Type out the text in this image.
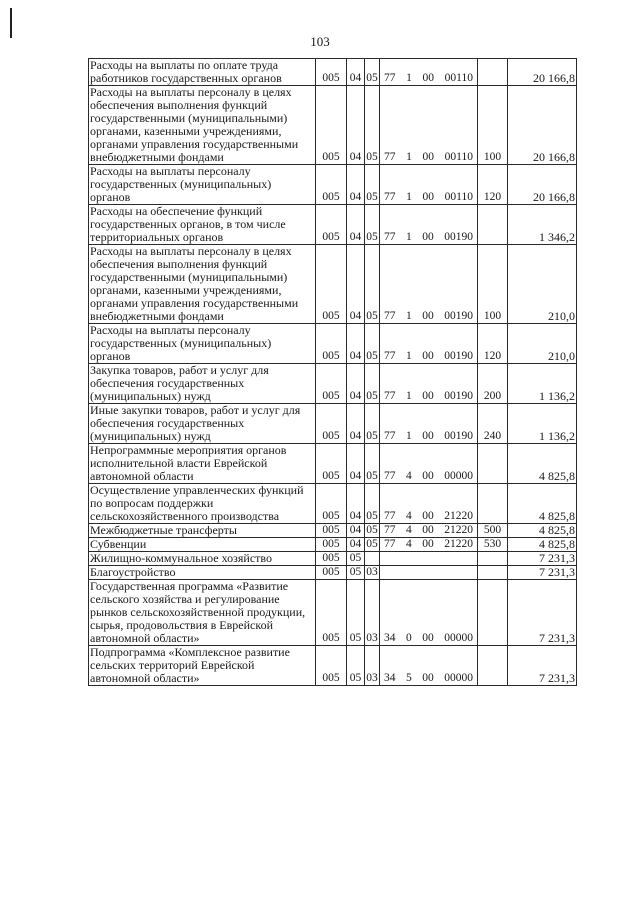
103
Расходы на выплаты по оплате труда работников государственных органов	005	04	05	77 1 00 00110		20 166,8
Расходы на выплаты персоналу в целях обеспечения выполнения функций государственными (муниципальными) органами, казенными учреждениями, органами управления государственными внебюджетными фондами	005	04	05	77 1 00 00110	100	20 166,8
Расходы на выплаты персоналу государственных (муниципальных) органов	005	04	05	77 1 00 00110	120	20 166,8
Расходы на обеспечение функций государственных органов, в том числе территориальных органов	005	04	05	77 1 00 00190		1 346,2
Расходы на выплаты персоналу в целях обеспечения выполнения функций государственными (муниципальными) органами, казенными учреждениями, органами управления государственными внебюджетными фондами	005	04	05	77 1 00 00190	100	210,0
Расходы на выплаты персоналу государственных (муниципальных) органов	005	04	05	77 1 00 00190	120	210,0
Закупка товаров, работ и услуг для обеспечения государственных (муниципальных) нужд	005	04	05	77 1 00 00190	200	1 136,2
Иные закупки товаров, работ и услуг для обеспечения государственных (муниципальных) нужд	005	04	05	77 1 00 00190	240	1 136,2
Непрограммные мероприятия органов исполнительной власти Еврейской автономной области	005	04	05	77 4 00 00000		4 825,8
Осуществление управленческих функций по вопросам поддержки сельскохозяйственного производства	005	04	05	77 4 00 21220		4 825,8
Межбюджетные трансферты	005	04	05	77 4 00 21220	500	4 825,8
Субвенции	005	04	05	77 4 00 21220	530	4 825,8
Жилищно-коммунальное хозяйство	005	05				7 231,3
Благоустройство	005	05	03			7 231,3
Государственная программа «Развитие сельского хозяйства и регулирование рынков сельскохозяйственной продукции, сырья, продовольствия в Еврейской автономной области»	005	05	03	34 0 00 00000		7 231,3
Подпрограмма «Комплексное развитие сельских территорий Еврейской автономной области»	005	05	03	34 5 00 00000		7 231,3
